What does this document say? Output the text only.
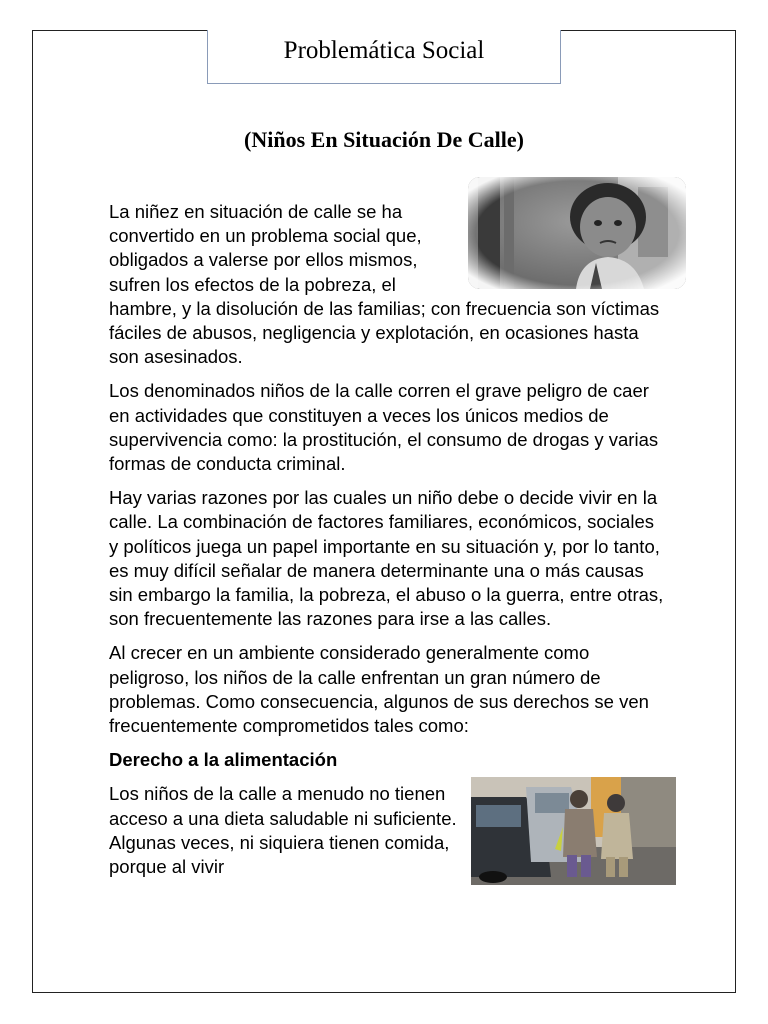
Problemática Social
(Niños En Situación De Calle)

La niñez en situación de calle se ha convertido en un problema social que, obligados a valerse por ellos mismos, sufren los efectos de la pobreza, el hambre, y la disolución de las familias; con frecuencia son víctimas fáciles de abusos, negligencia y explotación, en ocasiones hasta son asesinados.

Los denominados niños de la calle corren el grave peligro de caer en actividades que constituyen a veces los únicos medios de supervivencia como: la prostitución, el consumo de drogas y varias formas de conducta criminal.

Hay varias razones por las cuales un niño debe o decide vivir en la calle. La combinación de factores familiares, económicos, sociales y políticos juega un papel importante en su situación y, por lo tanto, es muy difícil señalar de manera determinante una o más causas sin embargo la familia, la pobreza, el abuso o la guerra, entre otras, son frecuentemente las razones para irse a las calles.

Al crecer en un ambiente considerado generalmente como peligroso, los niños de la calle enfrentan un gran número de problemas. Como consecuencia, algunos de sus derechos se ven frecuentemente comprometidos tales como:

Derecho a la alimentación

Los niños de la calle a menudo no tienen acceso a una dieta saludable ni suficiente. Algunas veces, ni siquiera tienen comida, porque al vivir
